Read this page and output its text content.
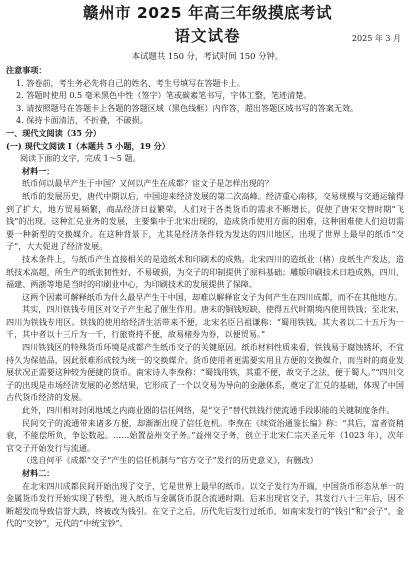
赣州市 2025 年高三年级摸底考试
语文试卷	2025 年 3 月
本试题共 150 分，考试时间 150 分钟。

注意事项：

1. 答卷前，考生务必先将自己的姓名、考生号填写在答题卡上。

2. 答题时使用 0.5 毫米黑色中性（签字）笔或碳素笔书写，字体工整，笔迹清楚。

3. 请按照题号在答题卡上各题的答题区域（黑色线框）内作答，超出答题区域书写的答案无效。

4. 保持卡面清洁，不折叠，不破损。

一、现代文阅读（35 分）

(一) 现代文阅读 I（本题共 5 小题，19 分）

阅读下面的文字，完成 1～5 题。

材料一：

纸币何以最早产生于中国？又何以产生在成都？宦文子是怎样出现的？

纸币的发展历史，唐代中期以后，中国迎来经济发展的第二次高峰。经济重心南移，交易规模与交通运输得到了扩大，地方贸易频繁，商品经济日益繁荣，人们对于各类货币的需求不断增长，促使了唐宋交替时期“飞钱”的出现。这种汇兑业务的发展，主要集中于北宋出现的，造成货币使用方面的困难，这种困难使人们迫切需要一种新型的交换媒介。在这种背景下，尤其是经济条件较为发达的四川地区，出现了世界上最早的纸币“交子”，大大促进了经济发展。

技术条件上，与纸币产生直接相关的是造纸术和印刷术的成熟。北宋四川的造纸业（楮）皮纸生产发达，造纸技术高超，所生产的纸张韧性好、不易破损，为交子的印制提供了原料基础；雕版印刷技术日趋成熟，四川、福建、两浙等地是当时的印刷业中心，为印刷技术的发展提供了保障。

这两个因素可解释纸币为什么最早产生于中国，却难以解释宦文子为何产生在四川成都，而不在其他地方。

其实，四川铁钱专用区对交子产生起了催生作用。唐末的铜钱短缺，使得五代时期境内使用铁钱；至北宋，四川为铁钱专用区。铁钱的使用给经济生活带来不便，北宋名臣吕祖谦称：“蜀用铁钱，其大者以二十五斤为一千，其中者以十三斤为一千，行旅赍持不便，故易楮券为券，以便贸易。”

四川铁钱区的特殊货币环境是成都产生纸币交子的关键原因。纸币材料性质来看，铁钱易于腐蚀锈坏，不宜持久为保值品，因此很难形成较为统一的交换媒介。货币使用者更需要实用且方便的交换媒介，而当时的商业发展状况正需要这种较为便捷的货币。南宋诗人李焘称：“蜀钱用铁，其重不便，故交子之法，便于蜀人。”“四川交子的出现是市场经济发展的必然结果，它形成了一个以交易为导向的金融体系，奠定了汇兑的基础，体现了中国古代货币经济的发展。

此外，四川相对封闭地域之内商业圈的信任网络，是“交子”替代铁钱行使流通手段职能的关键制度条件。

民间交子的流通带来诸多方便，却渐渐出现了信任危机。李焘在《续资治通鉴长编》称：“其后，富者资稍衰，不能偿所负，争讼数起。……始置益州交子务。”益州交子务，创立于北宋仁宗天圣元年（1023 年），次年官交子开始发行与流通。

（选自何平《成都“交子”产生的信任机制与“官方交子”发行的历史意义》，有删改）

材料二：

在北宋四川成都民间开始出现了交子，它是世界上最早的纸币。以交子发行为开端，中国货币形态从单一的金属货币发行开始实现了转型，进入纸币与金属货币混合流通时期。后来出现官交子，其发行八十三年后，因不断超发而导致信誉大跌，终被改为钱引。在交子之后，历代先后发行过纸币，如南宋发行的“钱引”和“会子”，金代的“交钞”，元代的“中统宝钞”。
